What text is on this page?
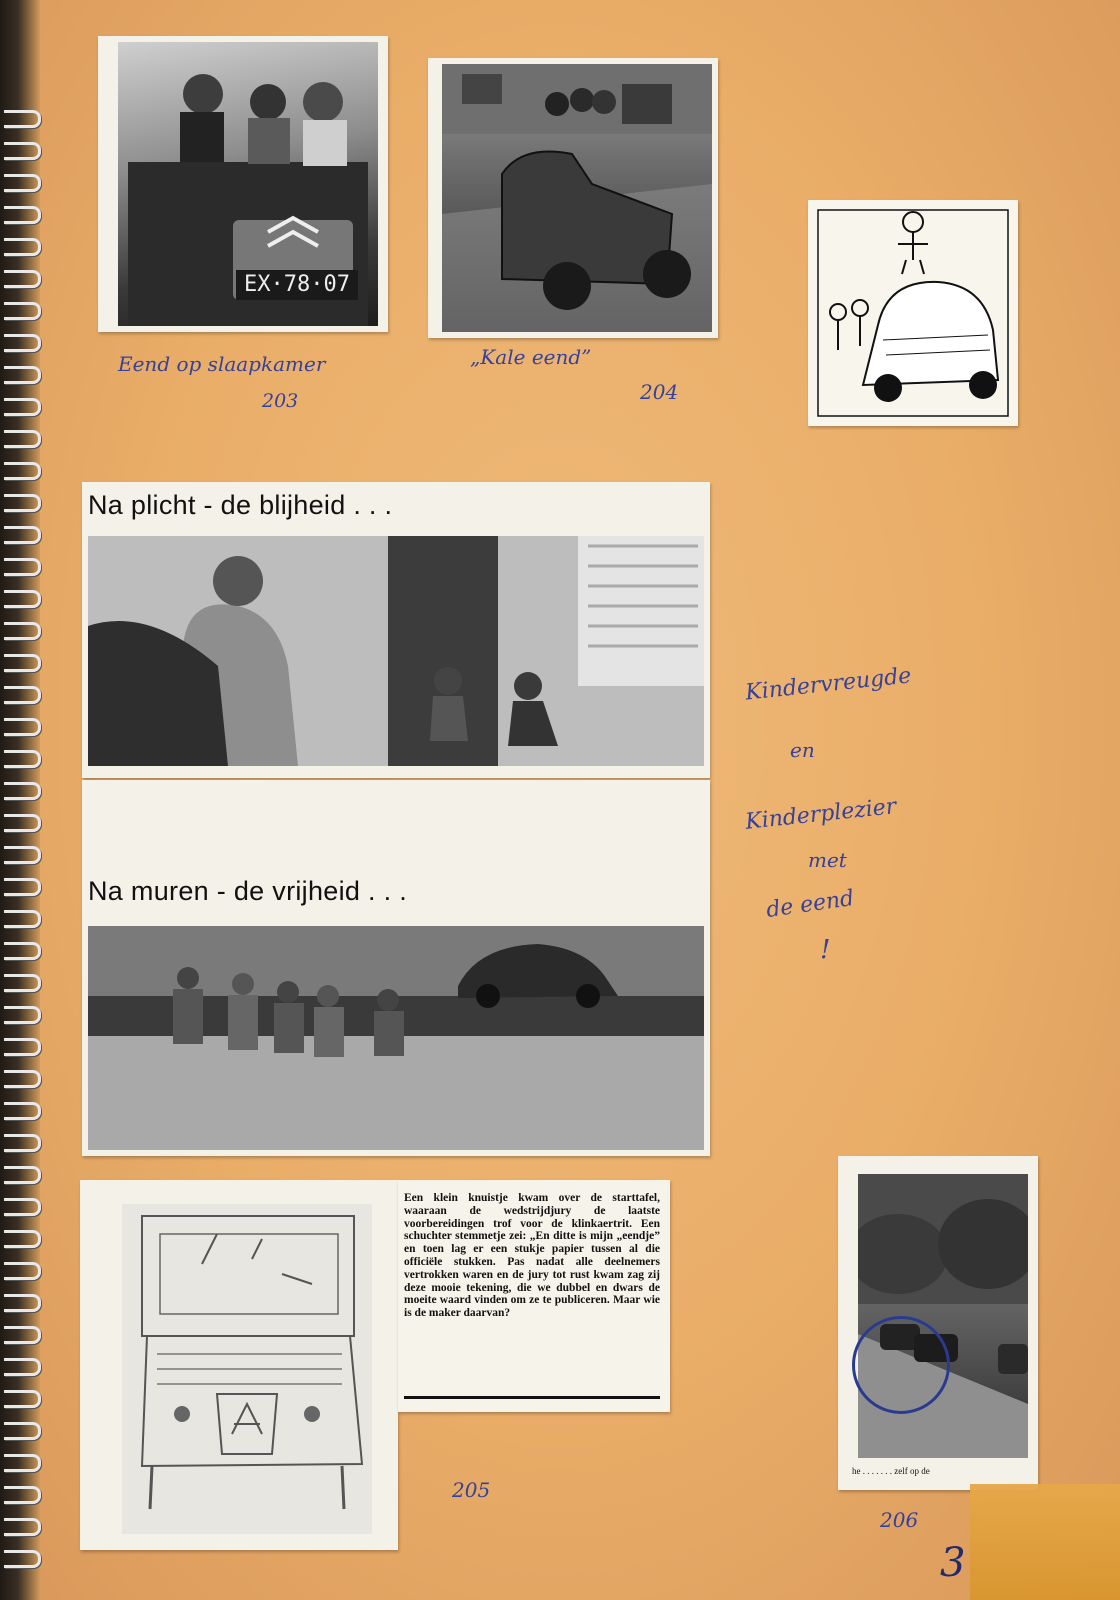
EX·78·07
Eend op slaapkamer
203
„Kale eend”
204
Na plicht - de blijheid . . .
Na muren - de vrijheid . . .
Kindervreugde
en
Kinderplezier
met
de eend
!
Een klein knuistje kwam over de starttafel, waaraan de wedstrijdjury de laatste voorbereidingen trof voor de klinkaertrit. Een schuchter stemmetje zei: „En ditte is mijn „eendje” en toen lag er een stukje papier tussen al die officiële stukken. Pas nadat alle deelnemers vertrokken waren en de jury tot rust kwam zag zij deze mooie tekening, die we dubbel en dwars de moeite waard vinden om ze te publiceren. Maar wie is de maker daarvan?
205
he . . . . . . . zelf op de
206
3
